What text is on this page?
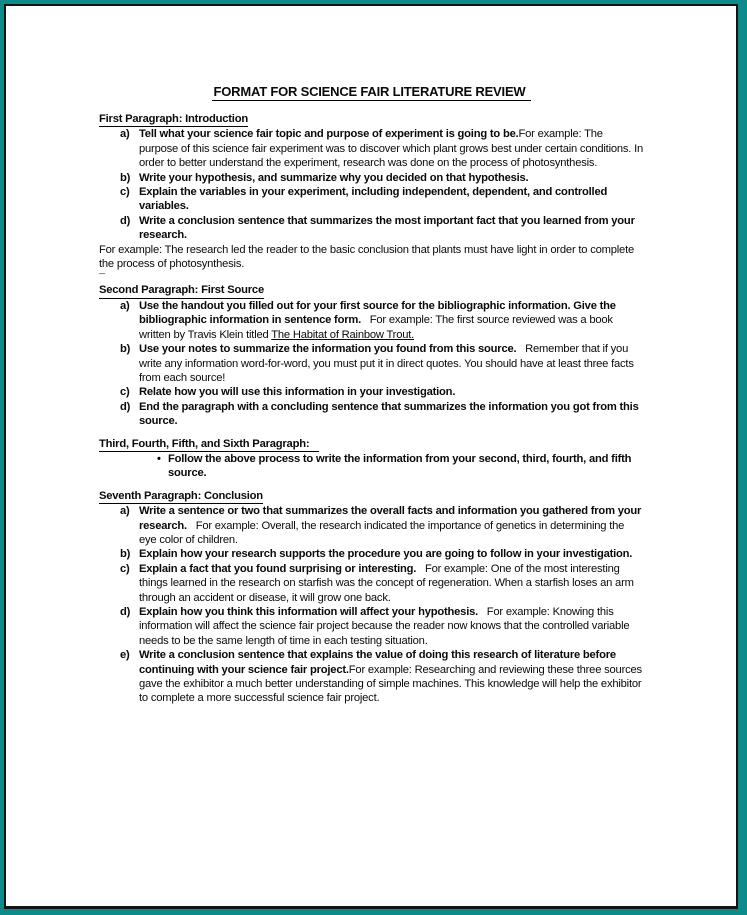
FORMAT FOR SCIENCE FAIR LITERATURE REVIEW
First Paragraph: Introduction
a) Tell what your science fair topic and purpose of experiment is going to be.For example: The purpose of this science fair experiment was to discover which plant grows best under certain conditions. In order to better understand the experiment, research was done on the process of photosynthesis.
b) Write your hypothesis, and summarize why you decided on that hypothesis.
c) Explain the variables in your experiment, including independent, dependent, and controlled variables.
d) Write a conclusion sentence that summarizes the most important fact that you learned from your research.
For example: The research led the reader to the basic conclusion that plants must have light in order to complete the process of photosynthesis.
¯
Second Paragraph: First Source
a) Use the handout you filled out for your first source for the bibliographic information. Give the bibliographic information in sentence form.   For example: The first source reviewed was a book written by Travis Klein titled The Habitat of Rainbow Trout.
b) Use your notes to summarize the information you found from this source.   Remember that if you write any information word-for-word, you must put it in direct quotes. You should have at least three facts from each source!
c) Relate how you will use this information in your investigation.
d) End the paragraph with a concluding sentence that summarizes the information you got from this source.
Third, Fourth, Fifth, and Sixth Paragraph:
• Follow the above process to write the information from your second, third, fourth, and fifth source.
Seventh Paragraph: Conclusion
a) Write a sentence or two that summarizes the overall facts and information you gathered from your research.   For example: Overall, the research indicated the importance of genetics in determining the eye color of children.
b) Explain how your research supports the procedure you are going to follow in your investigation.
c) Explain a fact that you found surprising or interesting.   For example: One of the most interesting things learned in the research on starfish was the concept of regeneration. When a starfish loses an arm through an accident or disease, it will grow one back.
d) Explain how you think this information will affect your hypothesis.   For example: Knowing this information will affect the science fair project because the reader now knows that the controlled variable needs to be the same length of time in each testing situation.
e) Write a conclusion sentence that explains the value of doing this research of literature before continuing with your science fair project.For example: Researching and reviewing these three sources gave the exhibitor a much better understanding of simple machines. This knowledge will help the exhibitor to complete a more successful science fair project.
